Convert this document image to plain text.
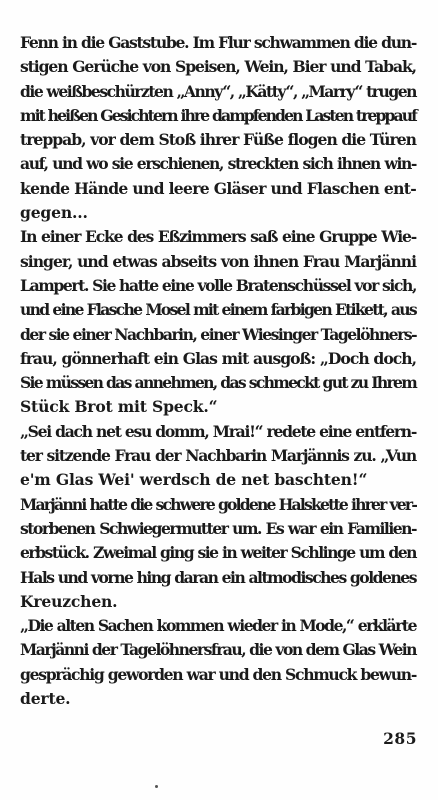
Fenn in die Gaststube. Im Flur schwammen die dun-
stigen Gerüche von Speisen, Wein, Bier und Tabak,
die weißbeschürzten „Anny“, „Kätty“, „Marry“ trugen
mit heißen Gesichtern ihre dampfenden Lasten treppauf
treppab, vor dem Stoß ihrer Füße flogen die Türen
auf, und wo sie erschienen, streckten sich ihnen win-
kende Hände und leere Gläser und Flaschen ent-
gegen...
In einer Ecke des Eßzimmers saß eine Gruppe Wie-
singer, und etwas abseits von ihnen Frau Marjänni
Lampert. Sie hatte eine volle Bratenschüssel vor sich,
und eine Flasche Mosel mit einem farbigen Etikett, aus
der sie einer Nachbarin, einer Wiesinger Tagelöhners-
frau, gönnerhaft ein Glas mit ausgoß: „Doch doch,
Sie müssen das annehmen, das schmeckt gut zu Ihrem
Stück Brot mit Speck.“
„Sei dach net esu domm, Mrai!“ redete eine entfern-
ter sitzende Frau der Nachbarin Marjännis zu. „Vun
e'm Glas Wei' werdsch de net baschten!“
Marjänni hatte die schwere goldene Halskette ihrer ver-
storbenen Schwiegermutter um. Es war ein Familien-
erbstück. Zweimal ging sie in weiter Schlinge um den
Hals und vorne hing daran ein altmodisches goldenes
Kreuzchen.
„Die alten Sachen kommen wieder in Mode,“ erklärte
Marjänni der Tagelöhnersfrau, die von dem Glas Wein
gesprächig geworden war und den Schmuck bewun-
derte.
285
